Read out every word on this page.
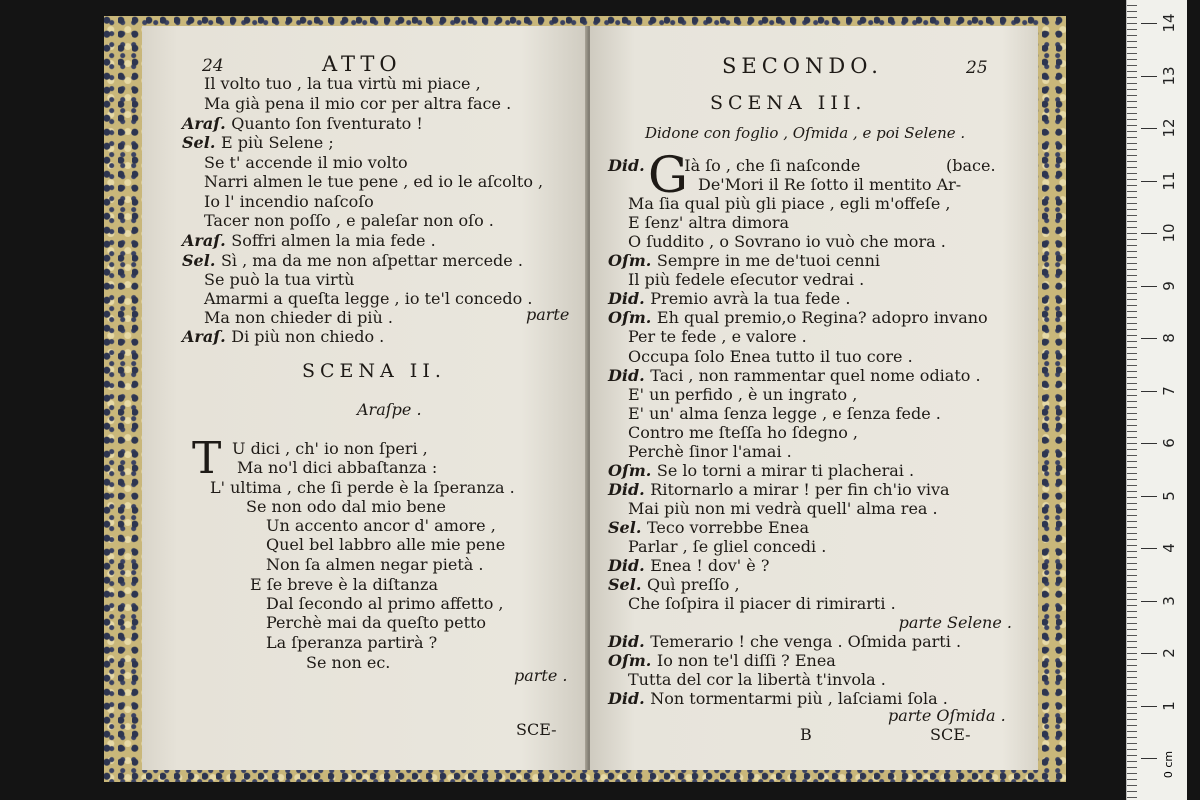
24	ATTO
Il volto tuo , la tua virtù mi piace ,
Ma già pena il mio cor per altra face .
Araſ. Quanto ſon ſventurato !
Sel. E più Selene ;
Se t' accende il mio volto
Narri almen le tue pene , ed io le aſcolto ,
Io l' incendio naſcoſo
Tacer non poſſo , e paleſar non oſo .
Araſ. Soffri almen la mia fede .
Sel. Sì , ma da me non aſpettar mercede .
Se può la tua virtù
Amarmi a queſta legge , io te'l concedo .
Ma non chieder di più .
Araſ. Di più non chiedo .
parte
SCENA II.
Araſpe .
T U dici , ch' io non ſperi ,
Ma no'l dici abbaſtanza :
L' ultima , che ſi perde è la ſperanza .
Se non odo dal mio bene
Un accento ancor d' amore ,
Quel bel labbro alle mie pene
Non ſa almen negar pietà .
E ſe breve è la diſtanza
Dal ſecondo al primo affetto ,
Perchè mai da queſto petto
La ſperanza partirà ?
Se non ec.
parte .
SCE-
SECONDO.	25
SCENA III.
Didone con foglio , Oſmida , e poi Selene .
G
Did. Ià ſo , che ſi naſconde	(bace.
De'Mori il Re ſotto il mentito Ar-
Ma ſia qual più gli piace , egli m'offeſe ,
E ſenz' altra dimora
O ſuddito , o Sovrano io vuò che mora .
Oſm. Sempre in me de'tuoi cenni
Il più fedele eſecutor vedrai .
Did. Premio avrà la tua fede .
Oſm. Eh qual premio,o Regina? adopro invano
Per te fede , e valore .
Occupa ſolo Enea tutto il tuo core .
Did. Taci , non rammentar quel nome odiato .
E' un perfido , è un ingrato ,
E' un' alma ſenza legge , e ſenza fede .
Contro me ſteſſa ho ſdegno ,
Perchè ſinor l'amai .
Oſm. Se lo torni a mirar ti placherai .
Did. Ritornarlo a mirar ! per fin ch'io viva
Mai più non mi vedrà quell' alma rea .
Sel. Teco vorrebbe Enea
Parlar , ſe gliel concedi .
Did. Enea ! dov' è ?
Sel. Quì preſſo ,
Che ſoſpira il piacer di rimirarti .
parte Selene .
Did. Temerario ! che venga . Oſmida parti .
Oſm. Io non te'l diſſi ? Enea
Tutta del cor la libertà t'invola .
Did. Non tormentarmi più , laſciami ſola .
parte Oſmida .
B	SCE-
0 cm
1
2
3
4
5
6
7
8
9
10
11
12
13
14
